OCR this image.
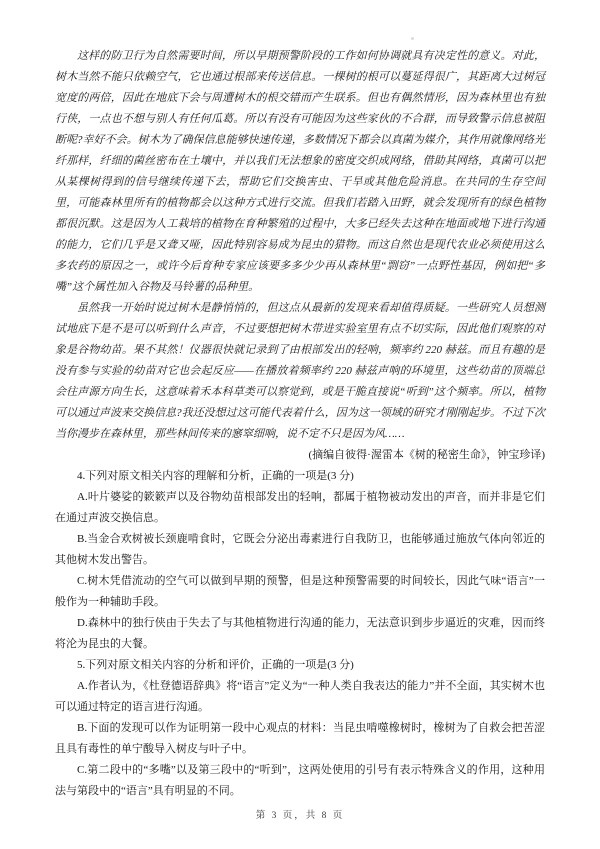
这样的防卫行为自然需要时间，所以早期预警阶段的工作如何协调就具有决定性的意义。对此，树木当然不能只依赖空气，它也通过根部来传送信息。一棵树的根可以蔓延得很广，其距离大过树冠宽度的两倍，因此在地底下会与周遭树木的根交错而产生联系。但也有偶然情形，因为森林里也有独行侠，一点也不想与别人有任何瓜葛。所以有没有可能因为这些家伙的不合群，而导致警示信息被阻断呢?幸好不会。树木为了确保信息能够快速传递，多数情况下都会以真菌为媒介，其作用就像网络光纤那样，纤细的菌丝密布在土壤中，并以我们无法想象的密度交织成网络，借助其网络，真菌可以把从某棵树得到的信号继续传递下去，帮助它们交换害虫、干旱或其他危险消息。在共同的生存空间里，可能森林里所有的植物都会以这种方式进行交流。但我们若踏入田野，就会发现所有的绿色植物都很沉默。这是因为人工栽培的植物在育种繁殖的过程中，大多已经失去这种在地面或地下进行沟通的能力，它们几乎是又聋又哑，因此特别容易成为昆虫的猎物。而这自然也是现代农业必须使用这么多农药的原因之一，或许今后育种专家应该要多多少少再从森林里“剽窃”一点野性基因，例如把“多嘴”这个属性加入谷物及马铃薯的品种里。

虽然我一开始时说过树木是静悄悄的，但这点从最新的发现来看却值得质疑。一些研究人员想测试地底下是不是可以听到什么声音，不过要想把树木带进实验室里有点不切实际，因此他们观察的对象是谷物幼苗。果不其然！仪器很快就记录到了由根部发出的轻响，频率约 220 赫兹。而且有趣的是没有参与实验的幼苗对它也会起反应——在播放着频率约 220 赫兹声响的环境里，这些幼苗的顶端总会往声源方向生长，这意味着禾本科草类可以察觉到，或是干脆直接说“听到”这个频率。所以，植物可以通过声波来交换信息?我还没想过这可能代表着什么，因为这一领域的研究才刚刚起步。不过下次当你漫步在森林里，那些林间传来的窸窣细响，说不定不只是因为风……

(摘编自彼得·渥雷本《树的秘密生命》，钟宝珍译)

4.下列对原文相关内容的理解和分析，正确的一项是(3 分)

A.叶片婆娑的簌簌声以及谷物幼苗根部发出的轻响，都属于植物被动发出的声音，而并非是它们在通过声波交换信息。

B.当金合欢树被长颈鹿啃食时，它既会分泌出毒素进行自我防卫，也能够通过施放气体向邻近的其他树木发出警告。

C.树木凭借流动的空气可以做到早期的预警，但是这种预警需要的时间较长，因此气味“语言”一般作为一种辅助手段。

D.森林中的独行侠由于失去了与其他植物进行沟通的能力，无法意识到步步逼近的灾难，因而终将沦为昆虫的大餐。

5.下列对原文相关内容的分析和评价，正确的一项是(3 分)

A.作者认为，《杜登德语辞典》将“语言”定义为“一种人类自我表达的能力”并不全面，其实树木也可以通过特定的语言进行沟通。

B.下面的发现可以作为证明第一段中心观点的材料：当昆虫啃噬橡树时，橡树为了自救会把苦涩且具有毒性的单宁酸导入树皮与叶子中。

C.第二段中的“多嘴”以及第三段中的“听到”，这两处使用的引号有表示特殊含义的作用，这种用法与第段中的“语言”具有明显的不同。

第 3 页，共 8 页
